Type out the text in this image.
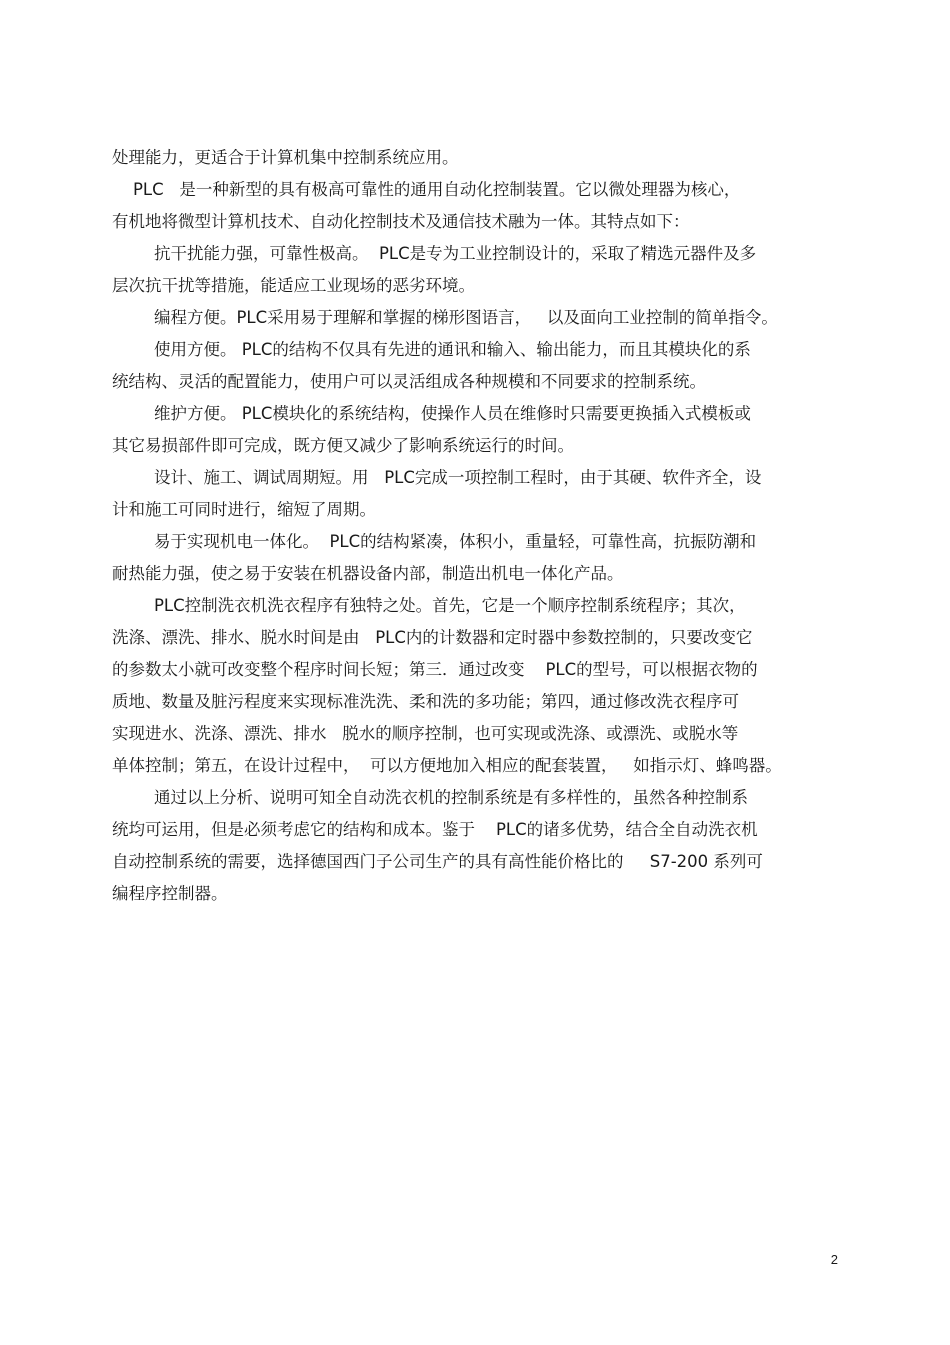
处理能力，更适合于计算机集中控制系统应用。
PLC   是一种新型的具有极高可靠性的通用自动化控制装置。它以微处理器为核心，
有机地将微型计算机技术、自动化控制技术及通信技术融为一体。其特点如下：
抗干扰能力强，可靠性极高。  PLC是专为工业控制设计的，采取了精选元器件及多
层次抗干扰等措施，能适应工业现场的恶劣环境。
编程方便。PLC采用易于理解和掌握的梯形图语言，   以及面向工业控制的简单指令。
使用方便。 PLC的结构不仅具有先进的通讯和输入、输出能力，而且其模块化的系
统结构、灵活的配置能力，使用户可以灵活组成各种规模和不同要求的控制系统。
维护方便。 PLC模块化的系统结构，使操作人员在维修时只需要更换插入式模板或
其它易损部件即可完成，既方便又减少了影响系统运行的时间。
设计、施工、调试周期短。用   PLC完成一项控制工程时，由于其硬、软件齐全，设
计和施工可同时进行，缩短了周期。
易于实现机电一体化。  PLC的结构紧凑，体积小，重量轻，可靠性高，抗振防潮和
耐热能力强，使之易于安装在机器设备内部，制造出机电一体化产品。
PLC控制洗衣机洗衣程序有独特之处。首先，它是一个顺序控制系统程序；其次，
洗涤、漂洗、排水、脱水时间是由   PLC内的计数器和定时器中参数控制的，只要改变它
的参数太小就可改变整个程序时间长短；第三．通过改变    PLC的型号，可以根据衣物的
质地、数量及脏污程度来实现标准洗洗、柔和洗的多功能；第四，通过修改洗衣程序可
实现进水、洗涤、漂洗、排水   脱水的顺序控制，也可实现或洗涤、或漂洗、或脱水等
单体控制；第五，在设计过程中，  可以方便地加入相应的配套装置，   如指示灯、蜂鸣器。
通过以上分析、说明可知全自动洗衣机的控制系统是有多样性的，虽然各种控制系
统均可运用，但是必须考虑它的结构和成本。鉴于    PLC的诸多优势，结合全自动洗衣机
自动控制系统的需要，选择德国西门子公司生产的具有高性能价格比的     S7-200 系列可
编程序控制器。
2
